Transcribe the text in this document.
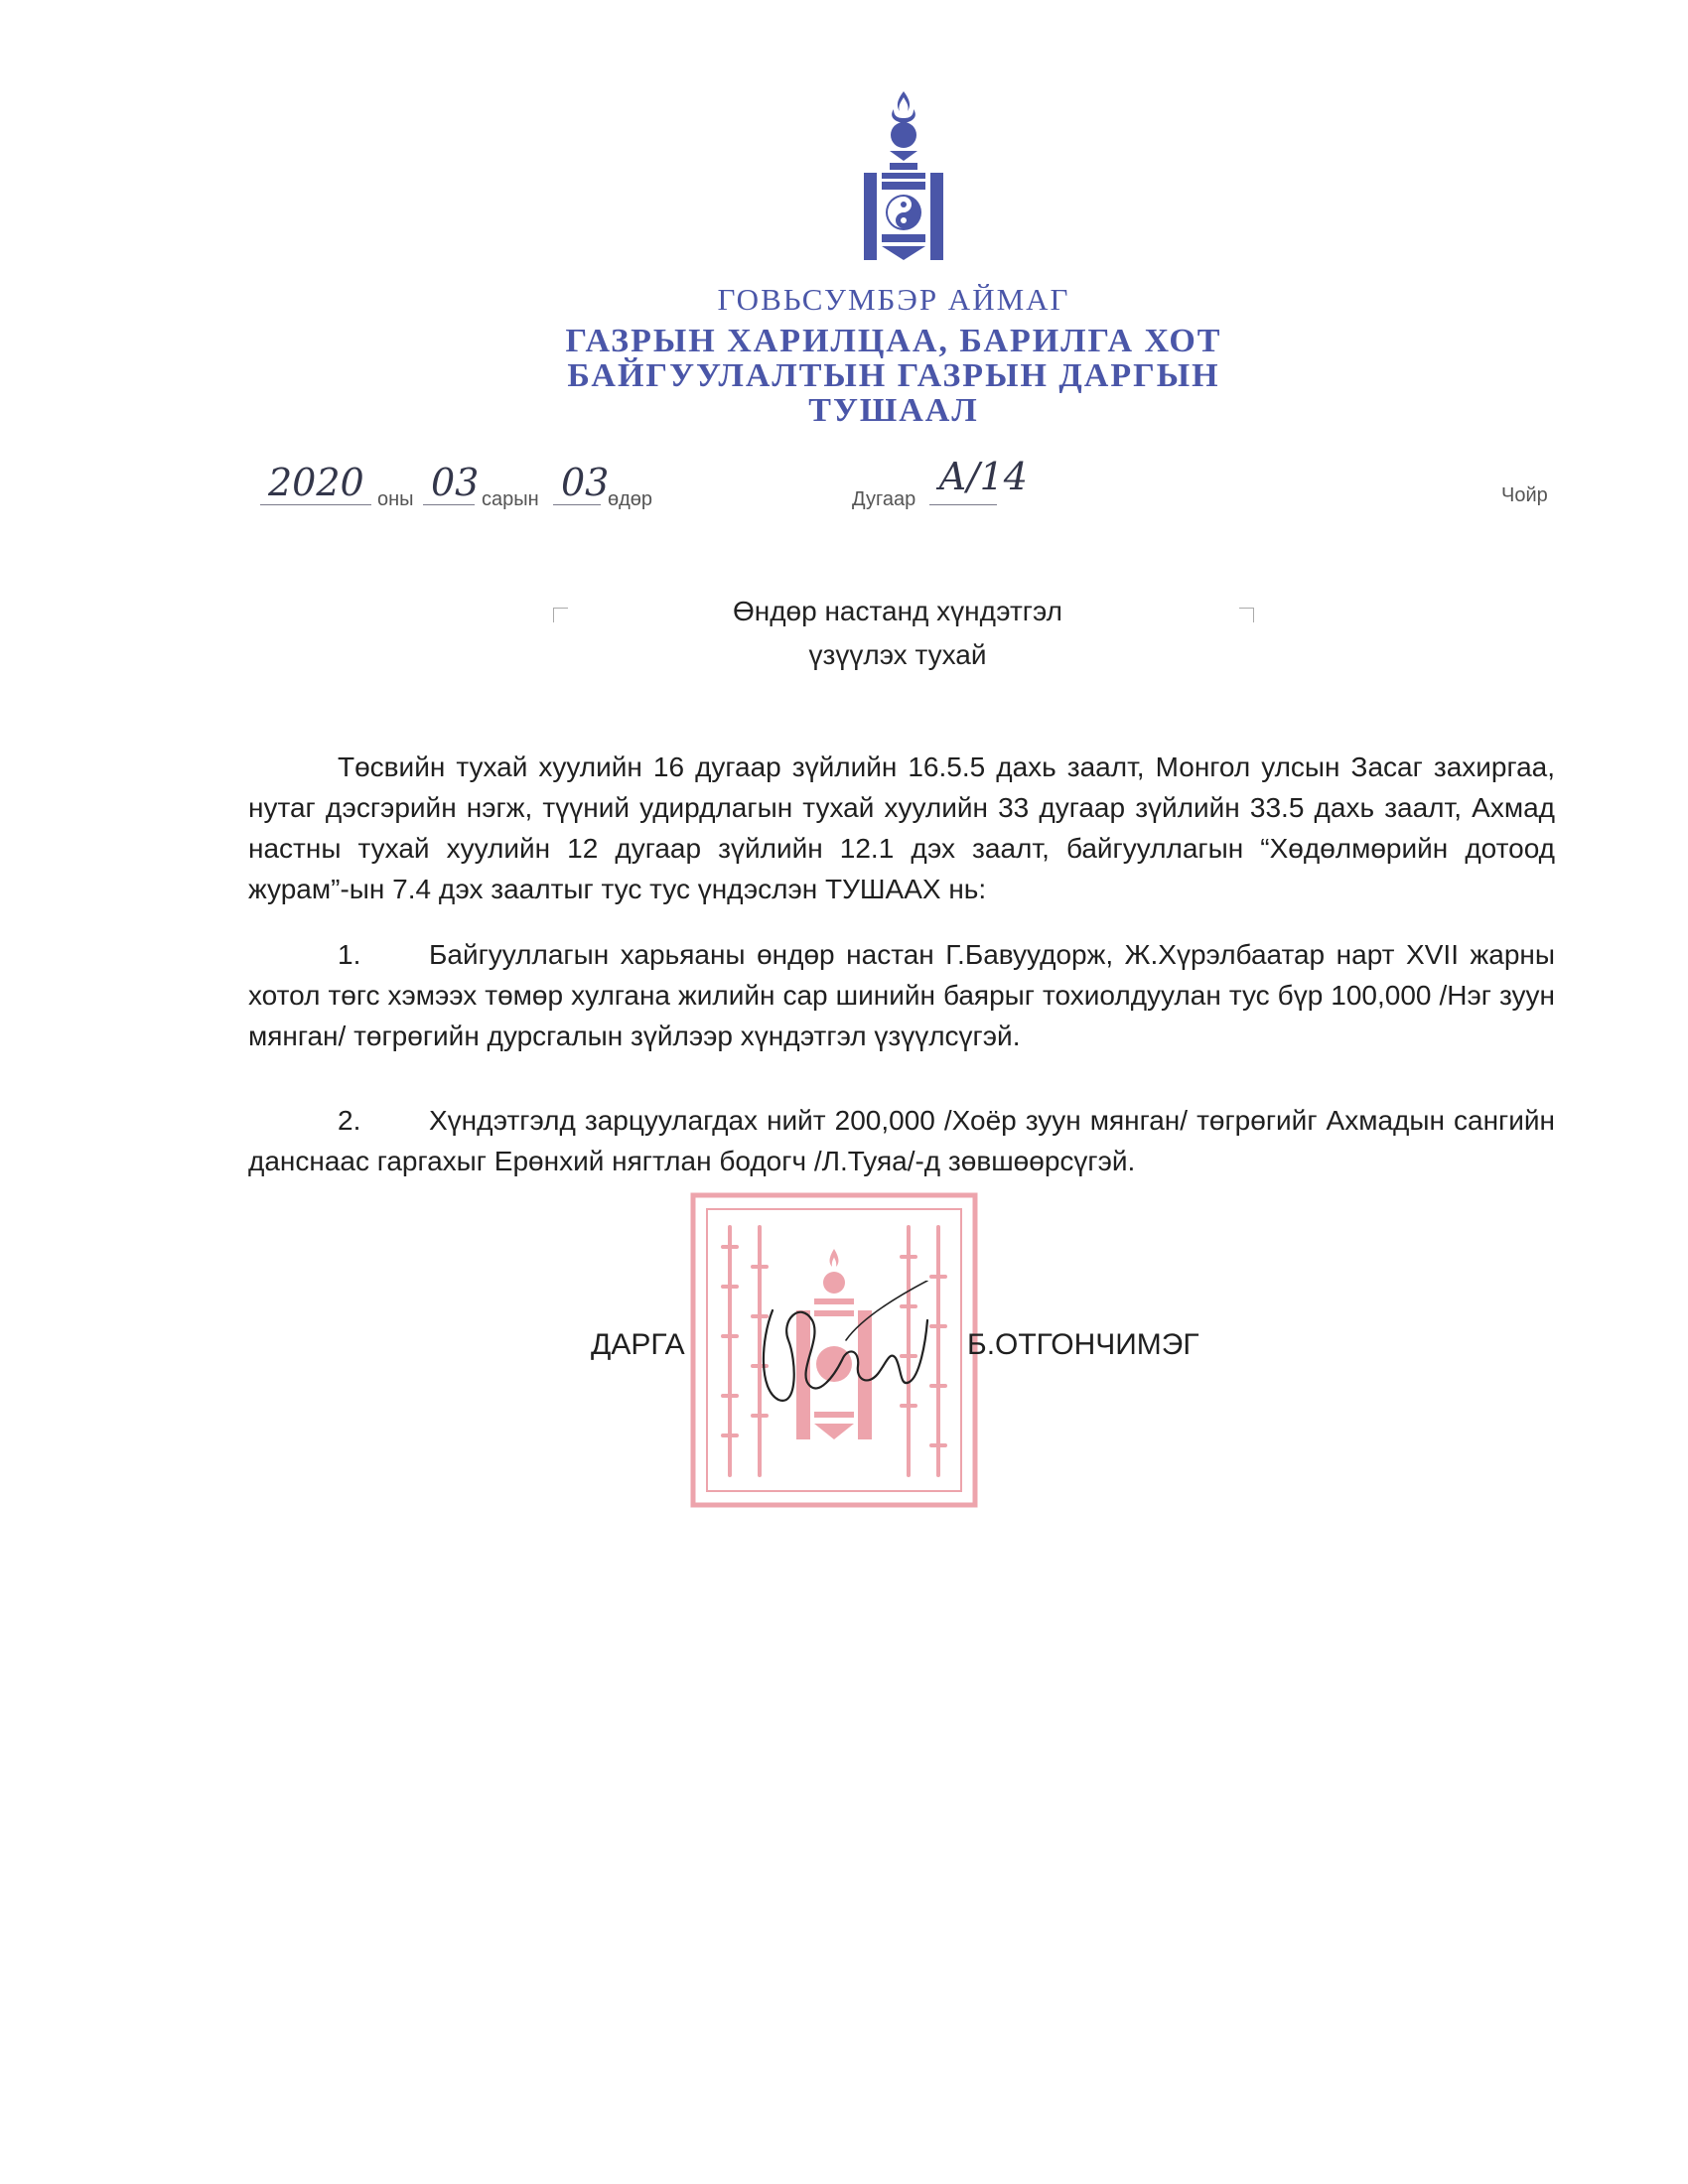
ГОВЬСУМБЭР АЙМАГ
ГАЗРЫН ХАРИЛЦАА, БАРИЛГА ХОТ
БАЙГУУЛАЛТЫН ГАЗРЫН ДАРГЫН
ТУШААЛ
2020 оны 03 сарын 03
өдөр	Дугаар
А/14	Чойр
Өндөр настанд хүндэтгэл
үзүүлэх тухай
Төсвийн тухай хуулийн 16 дугаар зүйлийн 16.5.5 дахь заалт, Монгол улсын Засаг захиргаа, нутаг дэсгэрийн нэгж, түүний удирдлагын тухай хуулийн 33 дугаар зүйлийн 33.5 дахь заалт, Ахмад настны тухай хуулийн 12 дугаар зүйлийн 12.1 дэх заалт, байгууллагын “Хөдөлмөрийн дотоод журам”-ын 7.4 дэх заалтыг тус тус үндэслэн ТУШААХ нь:
1. Байгууллагын харьяаны өндөр настан Г.Бавуудорж, Ж.Хүрэлбаатар нарт XVII жарны хотол төгс хэмээх төмөр хулгана жилийн сар шинийн баярыг тохиолдуулан тус бүр 100,000 /Нэг зуун мянган/ төгрөгийн дурсгалын зүйлээр хүндэтгэл үзүүлсүгэй.
2. Хүндэтгэлд зарцуулагдах нийт 200,000 /Хоёр зуун мянган/ төгрөгийг Ахмадын сангийн данснаас гаргахыг Ерөнхий нягтлан бодогч /Л.Туяа/-д зөвшөөрсүгэй.
ДАРГА	Б.ОТГОНЧИМЭГ
